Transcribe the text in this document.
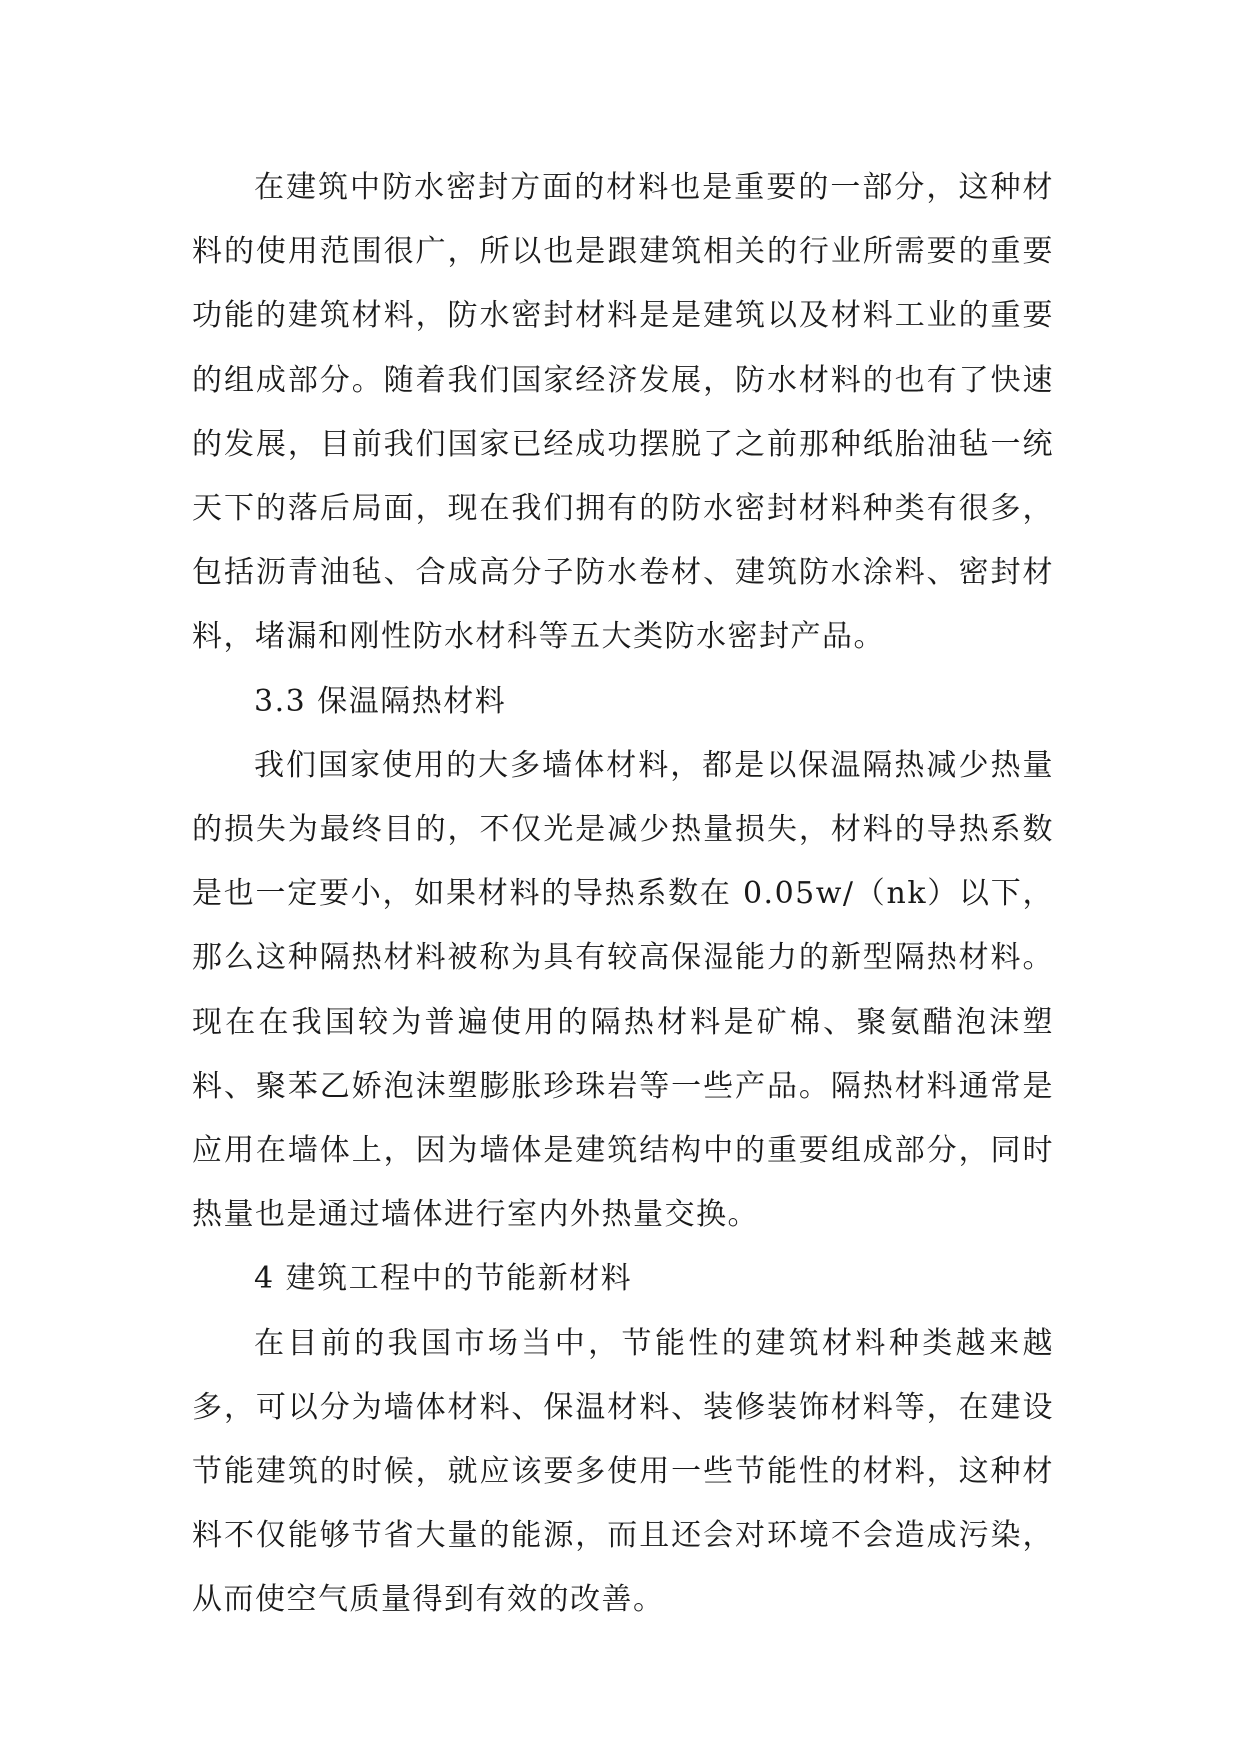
在建筑中防水密封方面的材料也是重要的一部分，这种材料的使用范围很广，所以也是跟建筑相关的行业所需要的重要功能的建筑材料，防水密封材料是是建筑以及材料工业的重要的组成部分。随着我们国家经济发展，防水材料的也有了快速的发展，目前我们国家已经成功摆脱了之前那种纸胎油毡一统天下的落后局面，现在我们拥有的防水密封材料种类有很多，包括沥青油毡、合成高分子防水卷材、建筑防水涂料、密封材料，堵漏和刚性防水材科等五大类防水密封产品。

3.3 保温隔热材料

我们国家使用的大多墙体材料，都是以保温隔热减少热量的损失为最终目的，不仅光是减少热量损失，材料的导热系数是也一定要小，如果材料的导热系数在 0.05w/（nk）以下，那么这种隔热材料被称为具有较高保湿能力的新型隔热材料。现在在我国较为普遍使用的隔热材料是矿棉、聚氨醋泡沫塑料、聚苯乙娇泡沫塑膨胀珍珠岩等一些产品。隔热材料通常是应用在墙体上，因为墙体是建筑结构中的重要组成部分，同时热量也是通过墙体进行室内外热量交换。

4 建筑工程中的节能新材料

在目前的我国市场当中，节能性的建筑材料种类越来越多，可以分为墙体材料、保温材料、装修装饰材料等，在建设节能建筑的时候，就应该要多使用一些节能性的材料，这种材料不仅能够节省大量的能源，而且还会对环境不会造成污染，从而使空气质量得到有效的改善。
